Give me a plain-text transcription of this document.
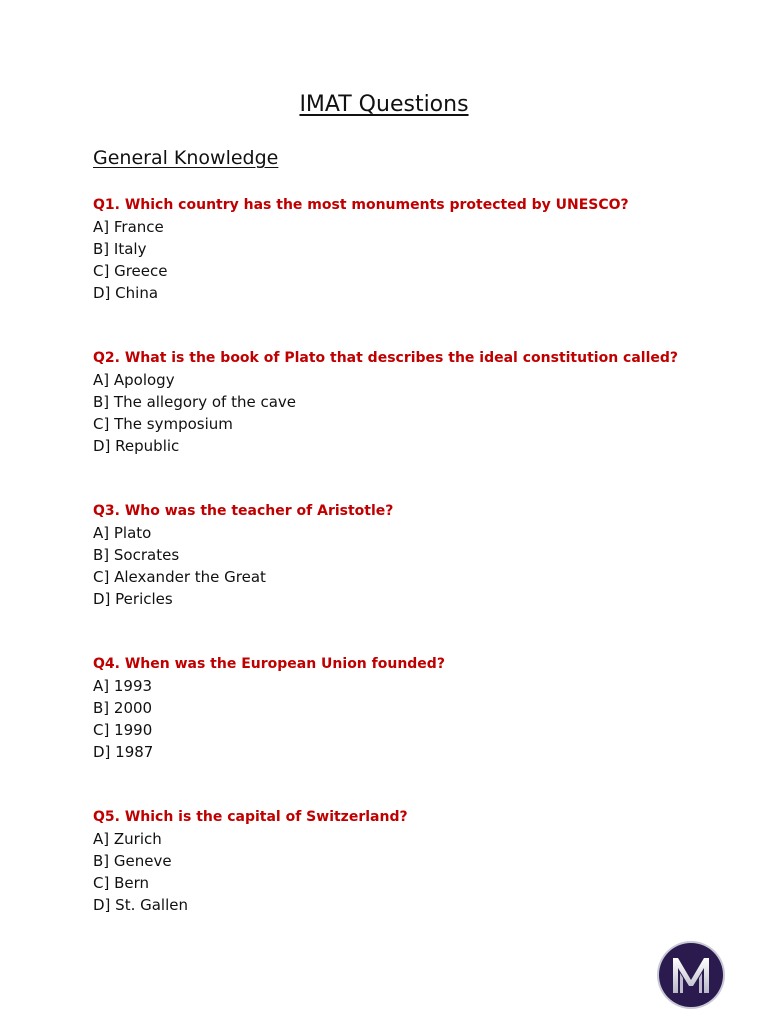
IMAT Questions
General Knowledge
Q1. Which country has the most monuments protected by UNESCO?
A] France
B] Italy
C] Greece
D] China
Q2. What is the book of Plato that describes the ideal constitution called?
A] Apology
B] The allegory of the cave
C] The symposium
D] Republic
Q3. Who was the teacher of Aristotle?
A] Plato
B] Socrates
C] Alexander the Great
D] Pericles
Q4. When was the European Union founded?
A] 1993
B] 2000
C] 1990
D] 1987
Q5. Which is the capital of Switzerland?
A] Zurich
B] Geneve
C] Bern
D] St. Gallen
